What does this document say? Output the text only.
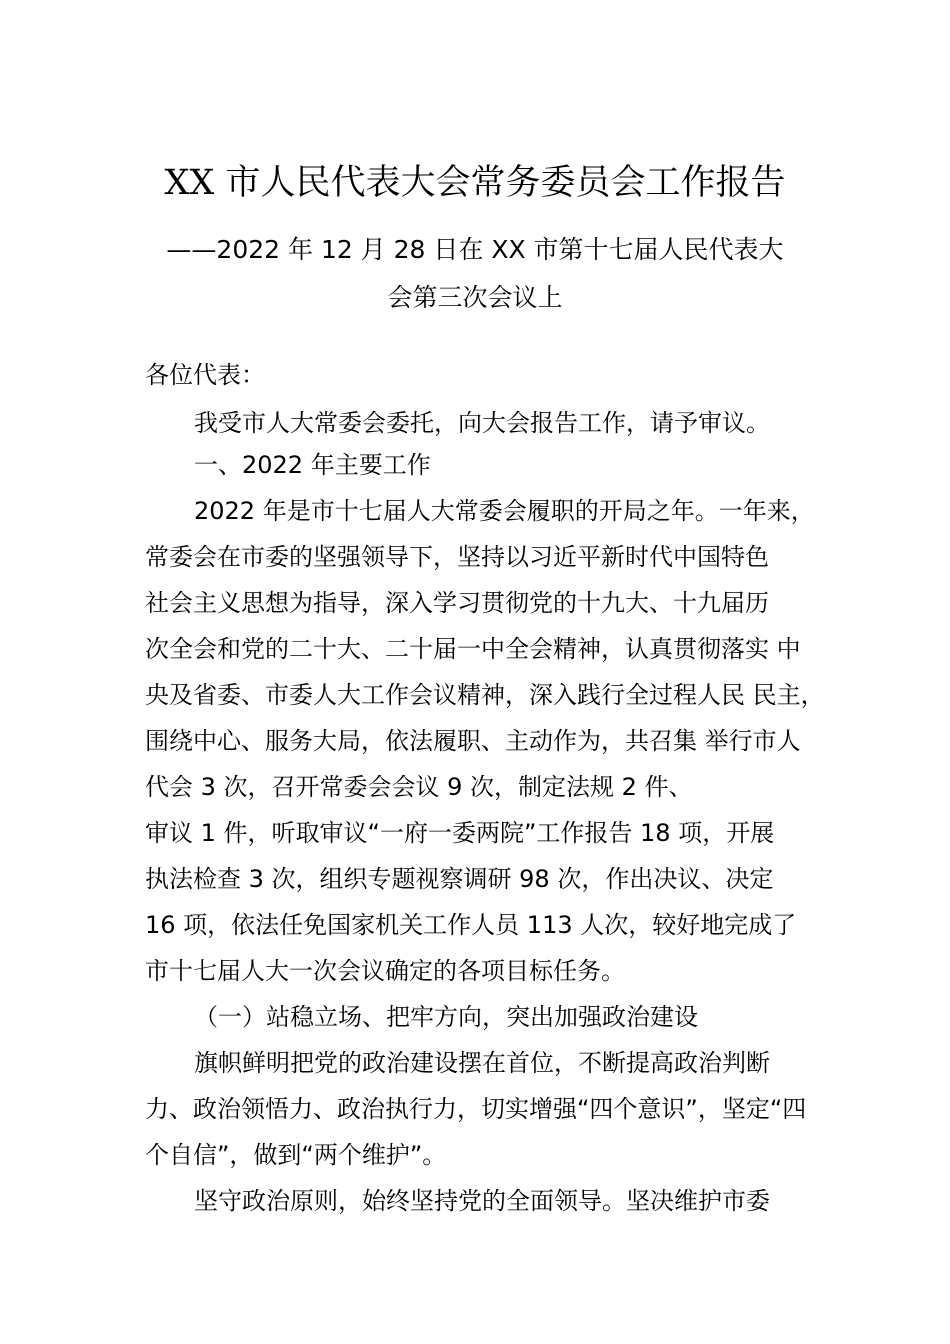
XX 市人民代表大会常务委员会工作报告
——2022 年 12 月 28 日在 XX 市第十七届人民代表大
会第三次会议上
各位代表：
我受市人大常委会委托，向大会报告工作，请予审议。
一、2022 年主要工作
2022 年是市十七届人大常委会履职的开局之年。一年来，
常委会在市委的坚强领导下，坚持以习近平新时代中国特色
社会主义思想为指导，深入学习贯彻党的十九大、十九届历
次全会和党的二十大、二十届一中全会精神，认真贯彻落实 中
央及省委、市委人大工作会议精神，深入践行全过程人民 民主，
围绕中心、服务大局，依法履职、主动作为，共召集 举行市人
代会 3 次，召开常委会会议 9 次，制定法规 2 件、
审议 1 件，听取审议“一府一委两院”工作报告 18 项，开展
执法检查 3 次，组织专题视察调研 98 次，作出决议、决定
16 项，依法任免国家机关工作人员 113 人次，较好地完成了
市十七届人大一次会议确定的各项目标任务。
（一）站稳立场、把牢方向，突出加强政治建设
旗帜鲜明把党的政治建设摆在首位，不断提高政治判断
力、政治领悟力、政治执行力，切实增强“四个意识”，坚定“四
个自信”，做到“两个维护”。
坚守政治原则，始终坚持党的全面领导。坚决维护市委
